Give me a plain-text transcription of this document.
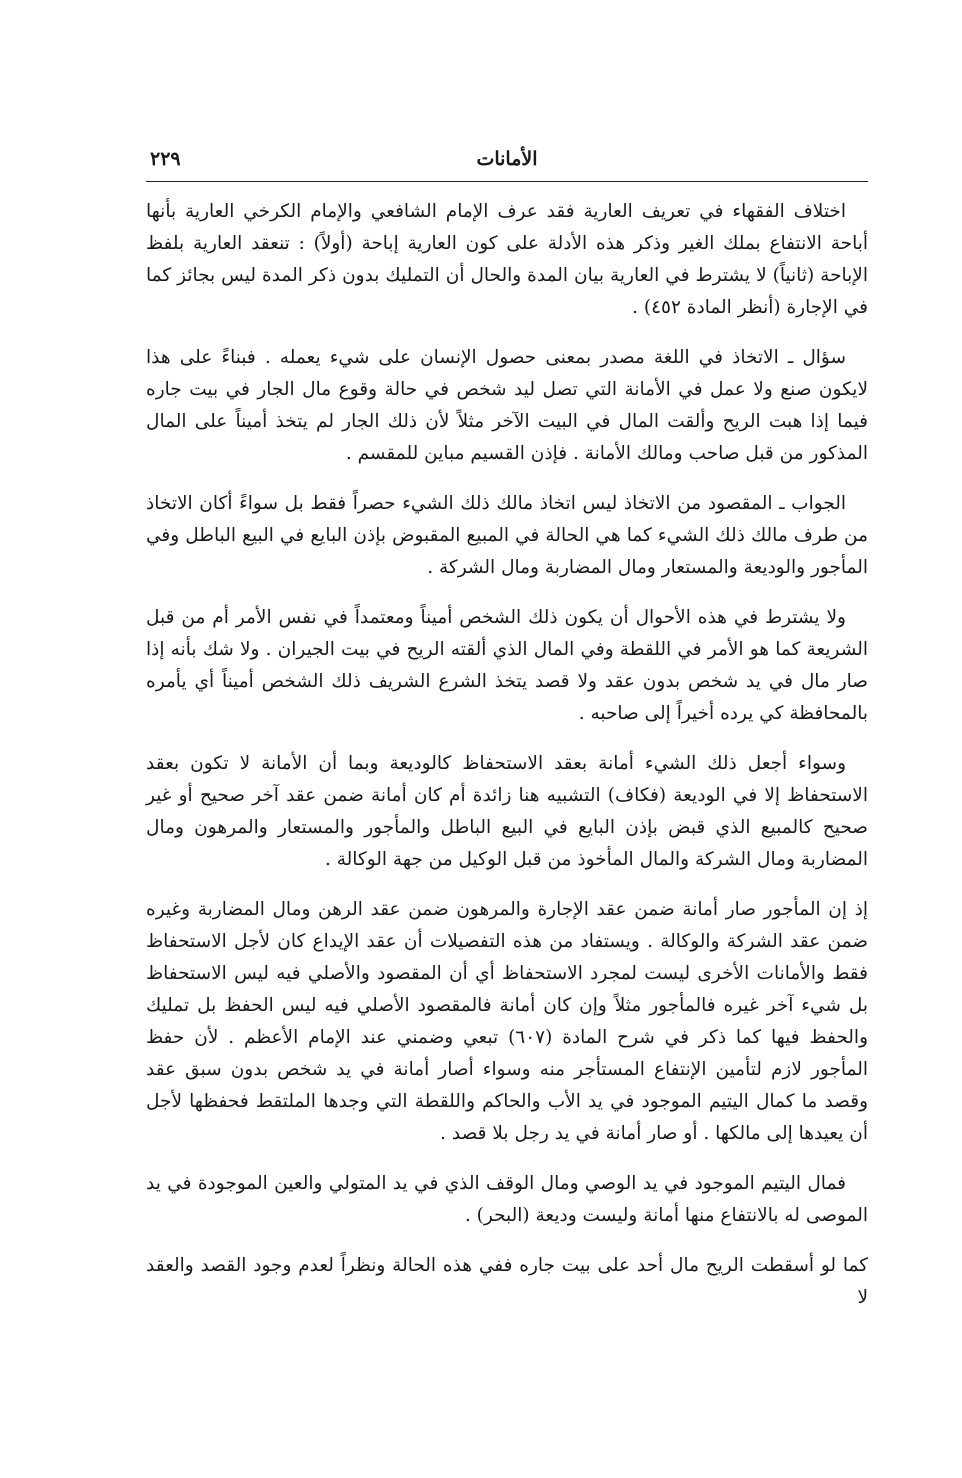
الأمانات
٢٢٩

اختلاف الفقهاء في تعريف العارية فقد عرف الإمام الشافعي والإمام الكرخي العارية بأنها أباحة الانتفاع بملك الغير وذكر هذه الأدلة على كون العارية إباحة (أولاً) : تنعقد العارية بلفظ الإباحة (ثانياً) لا يشترط في العارية بيان المدة والحال أن التمليك بدون ذكر المدة ليس بجائز كما في الإجارة (أنظر المادة ٤٥٢) .

سؤال ـ الاتخاذ في اللغة مصدر بمعنى حصول الإنسان على شيء يعمله . فبناءً على هذا لايكون صنع ولا عمل في الأمانة التي تصل ليد شخص في حالة وقوع مال الجار في بيت جاره فيما إذا هبت الريح وألقت المال في البيت الآخر مثلاً لأن ذلك الجار لم يتخذ أميناً على المال المذكور من قبل صاحب ومالك الأمانة . فإذن القسيم مباين للمقسم .

الجواب ـ المقصود من الاتخاذ ليس اتخاذ مالك ذلك الشيء حصراً فقط بل سواءً أكان الاتخاذ من طرف مالك ذلك الشيء كما هي الحالة في المبيع المقبوض بإذن البايع في البيع الباطل وفي المأجور والوديعة والمستعار ومال المضاربة ومال الشركة .

ولا يشترط في هذه الأحوال أن يكون ذلك الشخص أميناً ومعتمداً في نفس الأمر أم من قبل الشريعة كما هو الأمر في اللقطة وفي المال الذي ألقته الريح في بيت الجيران . ولا شك بأنه إذا صار مال في يد شخص بدون عقد ولا قصد يتخذ الشرع الشريف ذلك الشخص أميناً أي يأمره بالمحافظة كي يرده أخيراً إلى صاحبه .

وسواء أجعل ذلك الشيء أمانة بعقد الاستحفاظ كالوديعة وبما أن الأمانة لا تكون بعقد الاستحفاظ إلا في الوديعة (فكاف) التشبيه هنا زائدة أم كان أمانة ضمن عقد آخر صحيح أو غير صحيح كالمبيع الذي قبض بإذن البايع في البيع الباطل والمأجور والمستعار والمرهون ومال المضاربة ومال الشركة والمال المأخوذ من قبل الوكيل من جهة الوكالة .

إذ إن المأجور صار أمانة ضمن عقد الإجارة والمرهون ضمن عقد الرهن ومال المضاربة وغيره ضمن عقد الشركة والوكالة . ويستفاد من هذه التفصيلات أن عقد الإيداع كان لأجل الاستحفاظ فقط والأمانات الأخرى ليست لمجرد الاستحفاظ أي أن المقصود والأصلي فيه ليس الاستحفاظ بل شيء آخر غيره فالمأجور مثلاً وإن كان أمانة فالمقصود الأصلي فيه ليس الحفظ بل تمليك والحفظ فيها كما ذكر في شرح المادة (٦٠٧) تبعي وضمني عند الإمام الأعظم . لأن حفظ المأجور لازم لتأمين الإنتفاع المستأجر منه وسواء أصار أمانة في يد شخص بدون سبق عقد وقصد ما كمال اليتيم الموجود في يد الأب والحاكم واللقطة التي وجدها الملتقط فحفظها لأجل أن يعيدها إلى مالكها . أو صار أمانة في يد رجل بلا قصد .

فمال اليتيم الموجود في يد الوصي ومال الوقف الذي في يد المتولي والعين الموجودة في يد الموصى له بالانتفاع منها أمانة وليست وديعة (البحر) .

كما لو أسقطت الريح مال أحد على بيت جاره ففي هذه الحالة ونظراً لعدم وجود القصد والعقد لا
